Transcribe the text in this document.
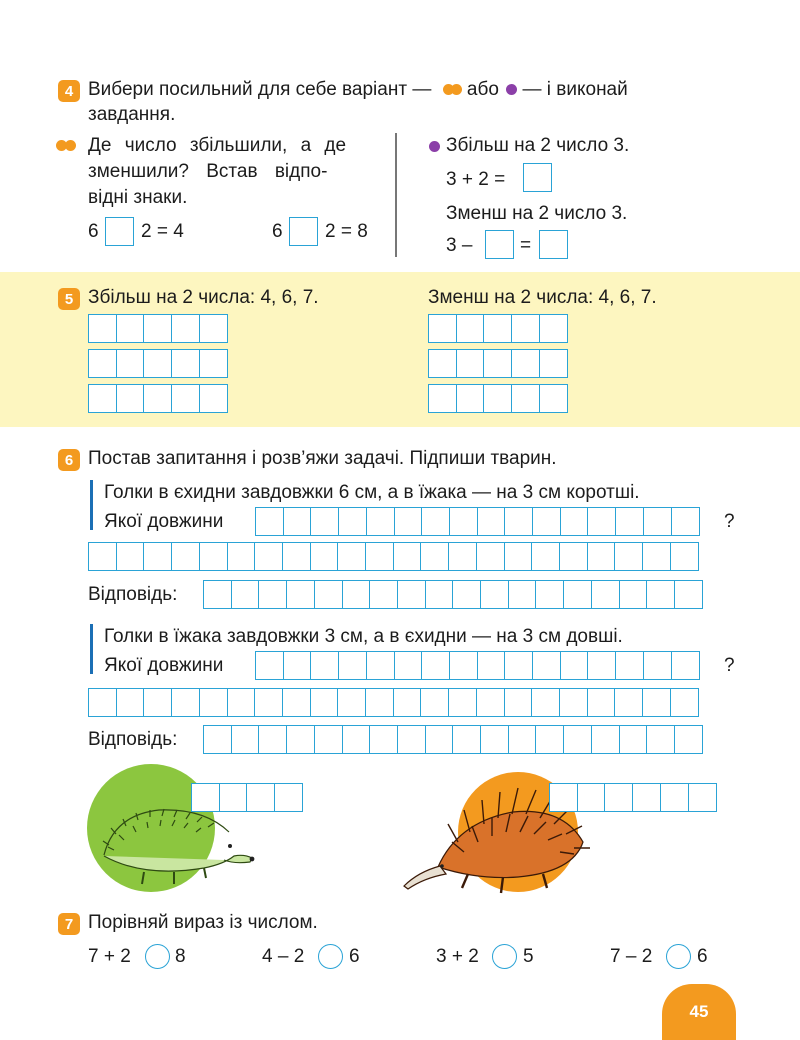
4 Вибери посильний для себе варіант — або — і виконай
завдання.
Де число збільшили, а де
зменшили? Встав відпо-
відні знаки.
6 2 = 4	6 2 = 8
Збільш на 2 число 3.
3 + 2 =
Зменш на 2 число 3.
3 –	=
5 Збільш на 2 числа: 4, 6, 7.	Зменш на 2 числа: 4, 6, 7.
6 Постав запитання і розв’яжи задачі. Підпиши тварин.
Голки в єхидни завдовжки 6 см, а в їжака — на 3 см коротші.
Якої довжини	?
Відповідь:
Голки в їжака завдовжки 3 см, а в єхидни — на 3 см довші.
Якої довжини	?
Відповідь:
7 Порівняй вираз із числом.
7 + 2 8	4 – 2 6	3 + 2 5	7 – 2 6
45
